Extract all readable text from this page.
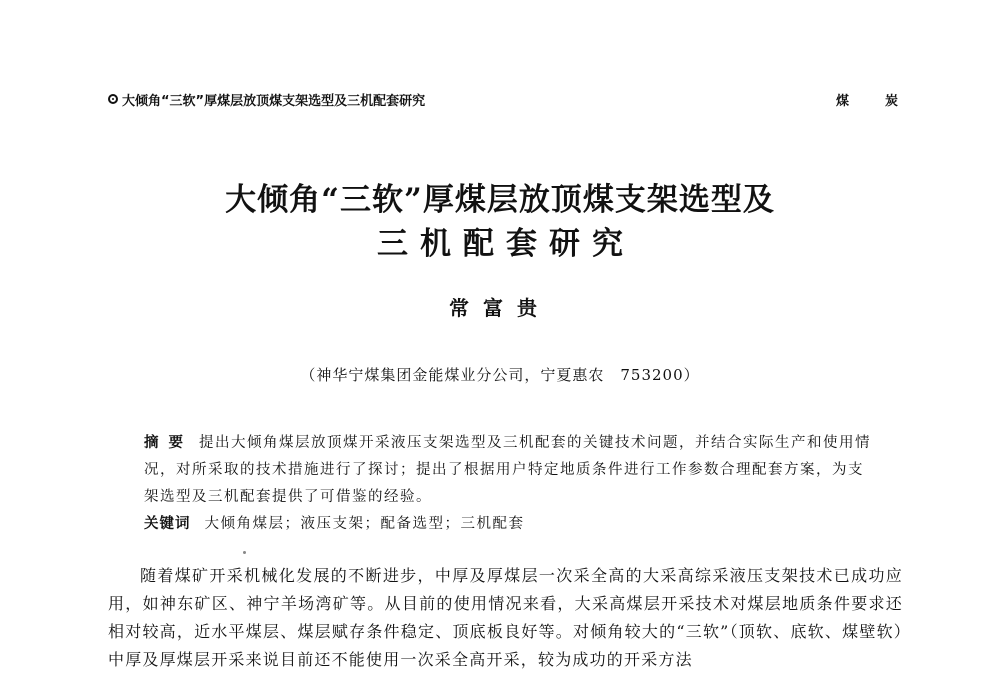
大倾角“三软”厚煤层放顶煤支架选型及三机配套研究	煤炭
大倾角“三软”厚煤层放顶煤支架选型及
三机配套研究
常富贵
（神华宁煤集团金能煤业分公司，宁夏惠农　753200）
摘要 提出大倾角煤层放顶煤开采液压支架选型及三机配套的关键技术问题，并结合实际生产和使用情况，对所采取的技术措施进行了探讨；提出了根据用户特定地质条件进行工作参数合理配套方案，为支架选型及三机配套提供了可借鉴的经验。
关键词 大倾角煤层；液压支架；配备选型；三机配套
随着煤矿开采机械化发展的不断进步，中厚及厚煤层一次采全高的大采高综采液压支架技术已成功应用，如神东矿区、神宁羊场湾矿等。从目前的使用情况来看，大采高煤层开采技术对煤层地质条件要求还相对较高，近水平煤层、煤层赋存条件稳定、顶底板良好等。对倾角较大的“三软”（顶软、底软、煤壁软）中厚及厚煤层开采来说目前还不能使用一次采全高开采，较为成功的开采方法
